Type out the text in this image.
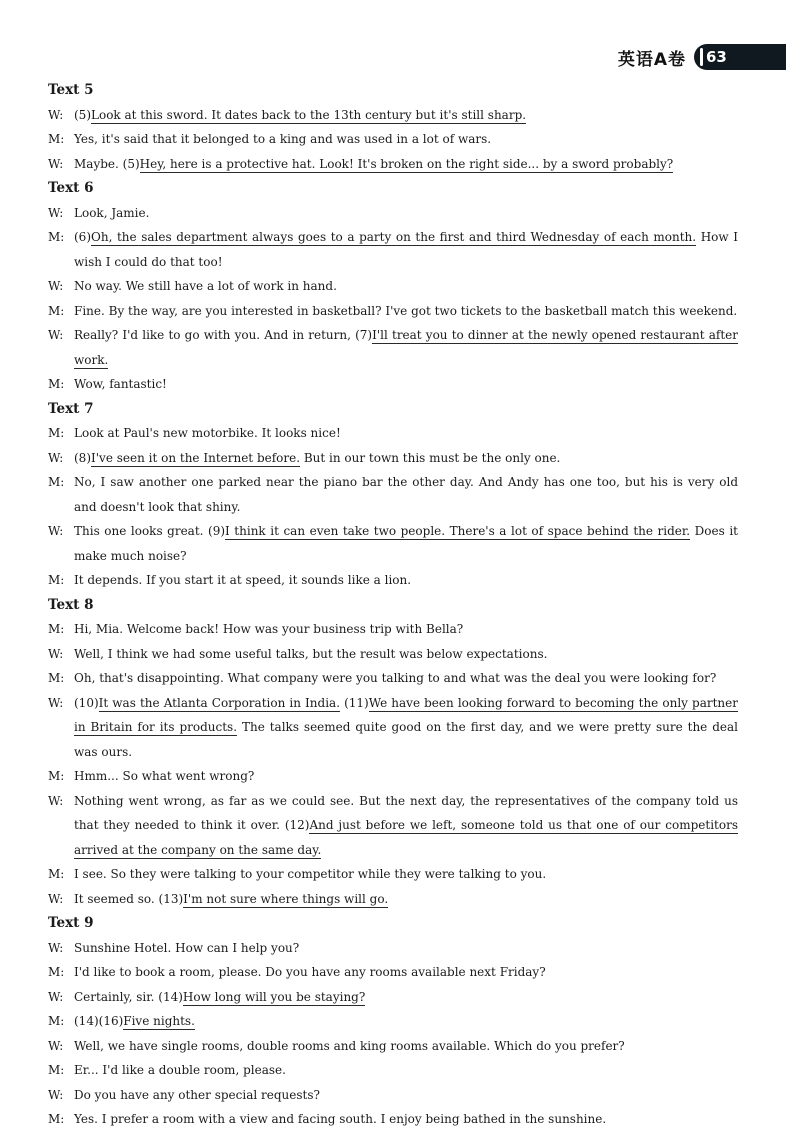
英语A卷 63
Text 5
W: (5)Look at this sword. It dates back to the 13th century but it's still sharp.
M: Yes, it's said that it belonged to a king and was used in a lot of wars.
W: Maybe. (5)Hey, here is a protective hat. Look! It's broken on the right side... by a sword probably?
Text 6
W: Look, Jamie.
M: (6)Oh, the sales department always goes to a party on the first and third Wednesday of each month. How I wish I could do that too!
W: No way. We still have a lot of work in hand.
M: Fine. By the way, are you interested in basketball? I've got two tickets to the basketball match this weekend.
W: Really? I'd like to go with you. And in return, (7)I'll treat you to dinner at the newly opened restaurant after work.
M: Wow, fantastic!
Text 7
M: Look at Paul's new motorbike. It looks nice!
W: (8)I've seen it on the Internet before. But in our town this must be the only one.
M: No, I saw another one parked near the piano bar the other day. And Andy has one too, but his is very old and doesn't look that shiny.
W: This one looks great. (9)I think it can even take two people. There's a lot of space behind the rider. Does it make much noise?
M: It depends. If you start it at speed, it sounds like a lion.
Text 8
M: Hi, Mia. Welcome back! How was your business trip with Bella?
W: Well, I think we had some useful talks, but the result was below expectations.
M: Oh, that's disappointing. What company were you talking to and what was the deal you were looking for?
W: (10)It was the Atlanta Corporation in India. (11)We have been looking forward to becoming the only partner in Britain for its products. The talks seemed quite good on the first day, and we were pretty sure the deal was ours.
M: Hmm... So what went wrong?
W: Nothing went wrong, as far as we could see. But the next day, the representatives of the company told us that they needed to think it over. (12)And just before we left, someone told us that one of our competitors arrived at the company on the same day.
M: I see. So they were talking to your competitor while they were talking to you.
W: It seemed so. (13)I'm not sure where things will go.
Text 9
W: Sunshine Hotel. How can I help you?
M: I'd like to book a room, please. Do you have any rooms available next Friday?
W: Certainly, sir. (14)How long will you be staying?
M: (14)(16)Five nights.
W: Well, we have single rooms, double rooms and king rooms available. Which do you prefer?
M: Er... I'd like a double room, please.
W: Do you have any other special requests?
M: Yes. I prefer a room with a view and facing south. I enjoy being bathed in the sunshine.
